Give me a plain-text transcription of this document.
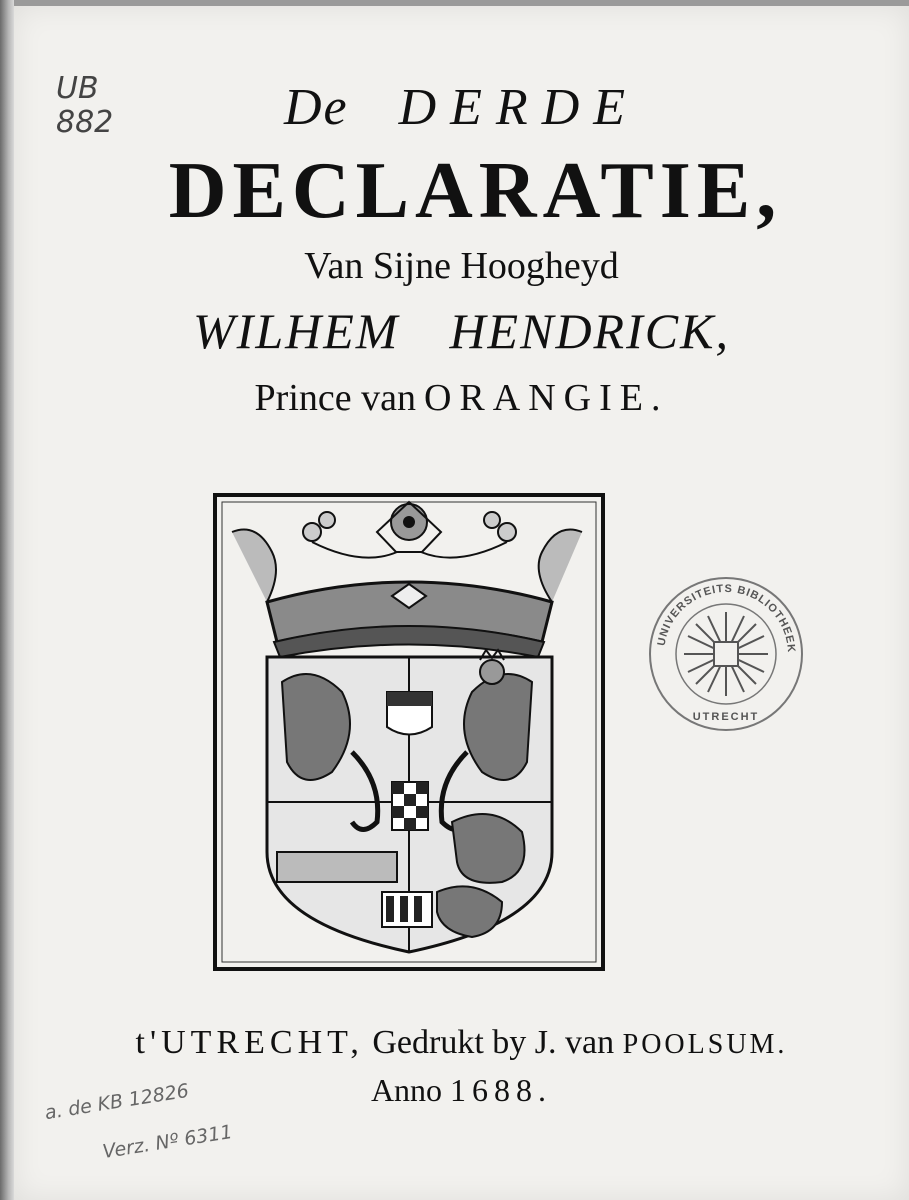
UB
882	De DERDE
DECLARATIE,
Van Sijne Hoogheyd
WILHEM HENDRICK,
Prince van ORANGIE.
UNIVERSITEITS BIBLIOTHEEK
UTRECHT
t'UTRECHT, Gedrukt by J. van POOLSUM.
Anno 1688.
a. de KB 12826
Verz. Nº 6311
